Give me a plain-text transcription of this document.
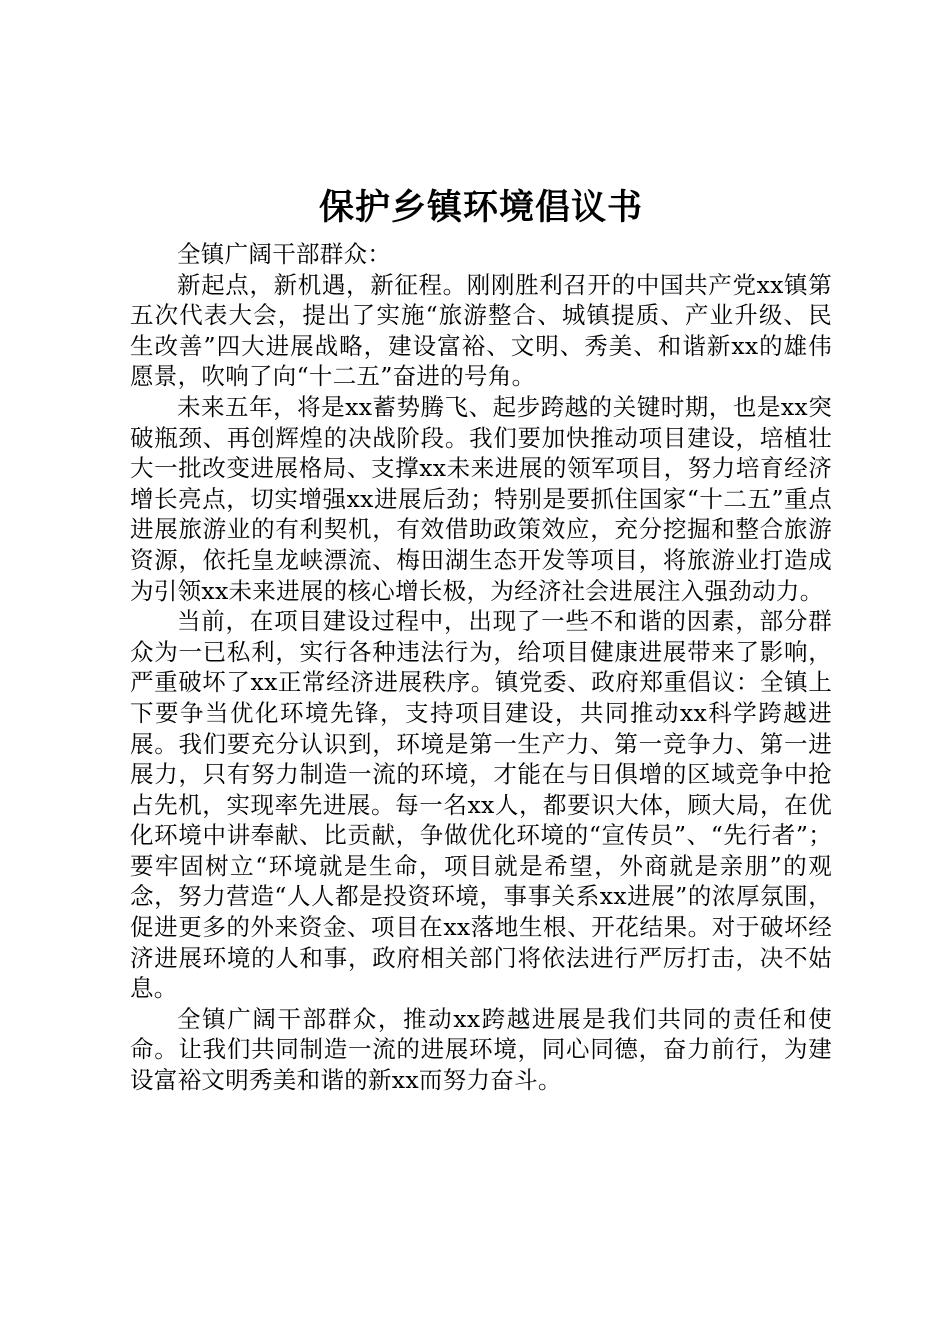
保护乡镇环境倡议书

全镇广阔干部群众：

新起点，新机遇，新征程。刚刚胜利召开的中国共产党xx镇第五次代表大会，提出了实施“旅游整合、城镇提质、产业升级、民生改善”四大进展战略，建设富裕、文明、秀美、和谐新xx的雄伟愿景，吹响了向“十二五”奋进的号角。

未来五年，将是xx蓄势腾飞、起步跨越的关键时期，也是xx突破瓶颈、再创辉煌的决战阶段。我们要加快推动项目建设，培植壮大一批改变进展格局、支撑xx未来进展的领军项目，努力培育经济增长亮点，切实增强xx进展后劲；特别是要抓住国家“十二五”重点进展旅游业的有利契机，有效借助政策效应，充分挖掘和整合旅游资源，依托皇龙峡漂流、梅田湖生态开发等项目，将旅游业打造成为引领xx未来进展的核心增长极，为经济社会进展注入强劲动力。

当前，在项目建设过程中，出现了一些不和谐的因素，部分群众为一已私利，实行各种违法行为，给项目健康进展带来了影响，严重破坏了xx正常经济进展秩序。镇党委、政府郑重倡议：全镇上下要争当优化环境先锋，支持项目建设，共同推动xx科学跨越进展。我们要充分认识到，环境是第一生产力、第一竞争力、第一进展力，只有努力制造一流的环境，才能在与日俱增的区域竞争中抢占先机，实现率先进展。每一名xx人，都要识大体，顾大局，在优化环境中讲奉献、比贡献，争做优化环境的“宣传员”、“先行者”；要牢固树立“环境就是生命，项目就是希望，外商就是亲朋”的观念，努力营造“人人都是投资环境，事事关系xx进展”的浓厚氛围，促进更多的外来资金、项目在xx落地生根、开花结果。对于破坏经济进展环境的人和事，政府相关部门将依法进行严厉打击，决不姑息。

全镇广阔干部群众，推动xx跨越进展是我们共同的责任和使命。让我们共同制造一流的进展环境，同心同德，奋力前行，为建设富裕文明秀美和谐的新xx而努力奋斗。
